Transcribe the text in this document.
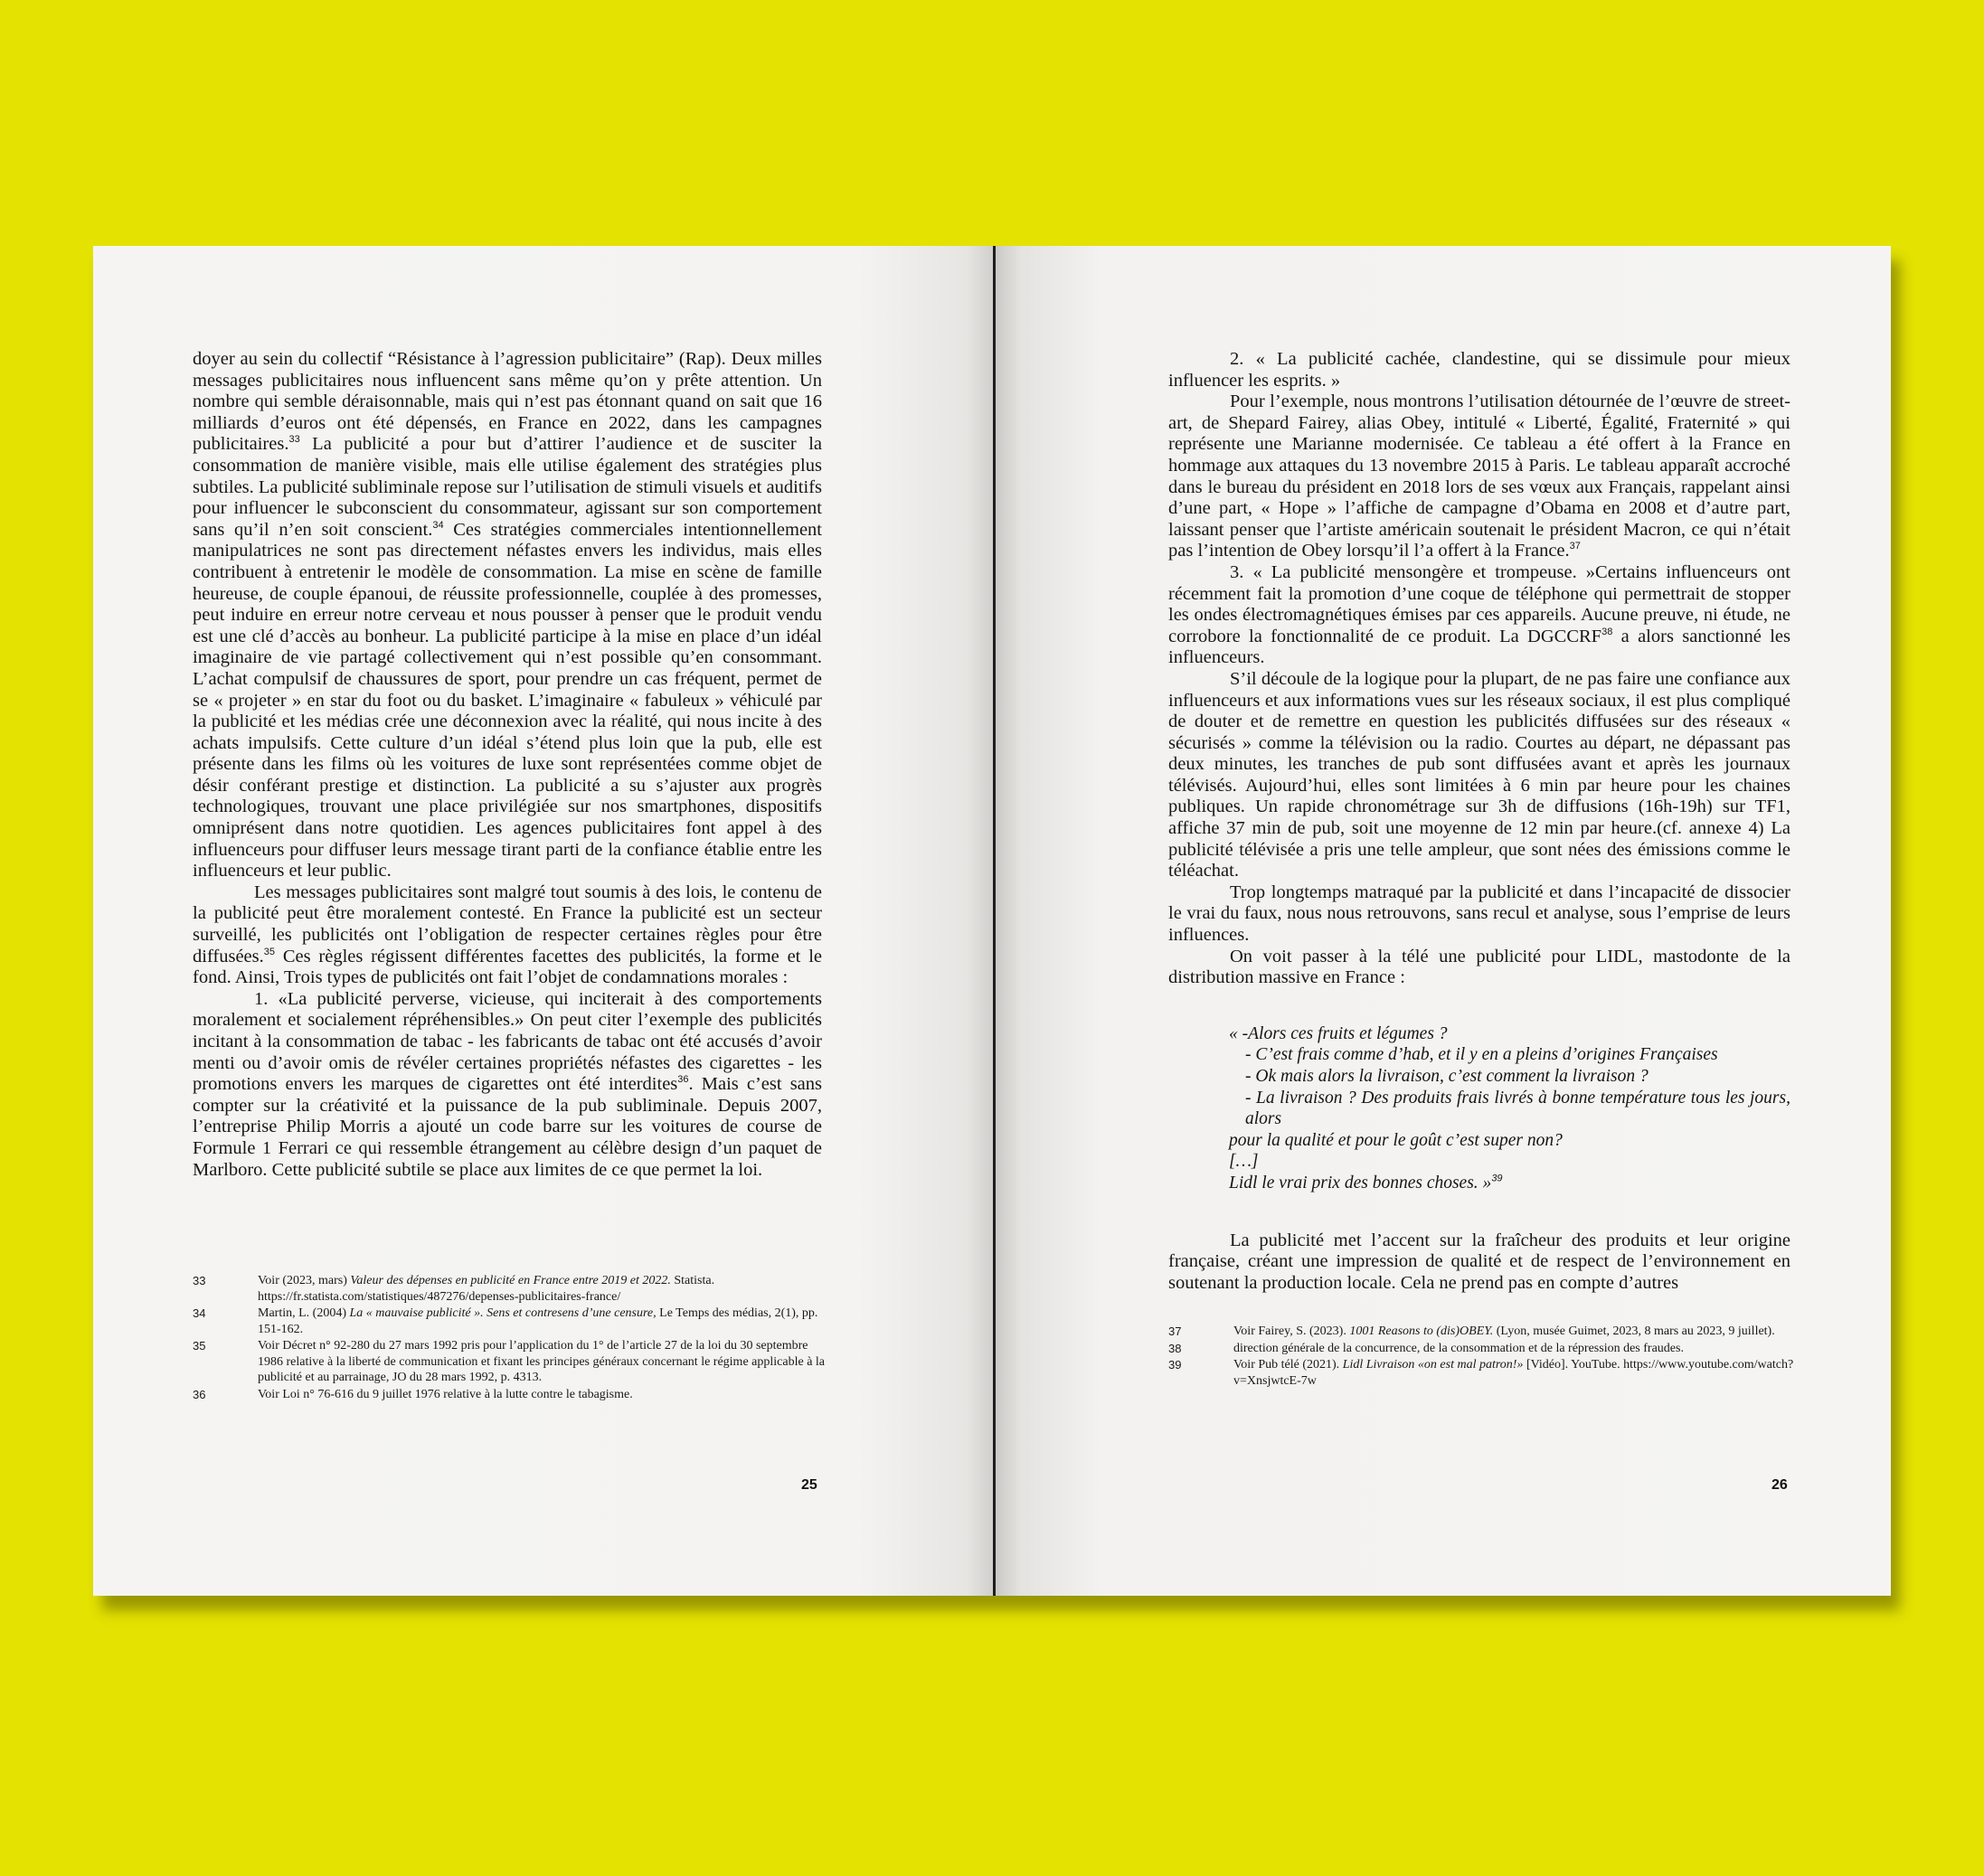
doyer au sein du collectif “Résistance à l’agression publicitaire” (Rap). Deux milles messages publicitaires nous influencent sans même qu’on y prête attention. Un nombre qui semble déraisonnable, mais qui n’est pas étonnant quand on sait que 16 milliards d’euros ont été dépensés, en France en 2022, dans les campagnes publicitaires.$^{33}$ La publicité a pour but d’attirer l’audience et de susciter la consommation de manière visible, mais elle utilise également des stratégies plus subtiles. La publicité subliminale repose sur l’utilisation de stimuli visuels et auditifs pour influencer le subconscient du consommateur, agissant sur son comportement sans qu’il n’en soit conscient.$^{34}$ Ces stratégies commerciales intentionnellement manipulatrices ne sont pas directement néfastes envers les individus, mais elles contribuent à entretenir le modèle de consommation. La mise en scène de famille heureuse, de couple épanoui, de réussite professionnelle, couplée à des promesses, peut induire en erreur notre cerveau et nous pousser à penser que le produit vendu est une clé d’accès au bonheur. La publicité participe à la mise en place d’un idéal imaginaire de vie partagé collectivement qui n’est possible qu’en consommant. L’achat compulsif de chaussures de sport, pour prendre un cas fréquent, permet de se « projeter » en star du foot ou du basket. L’imaginaire « fabuleux » véhiculé par la publicité et les médias crée une déconnexion avec la réalité, qui nous incite à des achats impulsifs. Cette culture d’un idéal s’étend plus loin que la pub, elle est présente dans les films où les voitures de luxe sont représentées comme objet de désir conférant prestige et distinction. La publicité a su s’ajuster aux progrès technologiques, trouvant une place privilégiée sur nos smartphones, dispositifs omniprésent dans notre quotidien. Les agences publicitaires font appel à des influenceurs pour diffuser leurs message tirant parti de la confiance établie entre les influenceurs et leur public.

Les messages publicitaires sont malgré tout soumis à des lois, le contenu de la publicité peut être moralement contesté. En France la publicité est un secteur surveillé, les publicités ont l’obligation de respecter certaines règles pour être diffusées.$^{35}$ Ces règles régissent différentes facettes des publicités, la forme et le fond. Ainsi, Trois types de publicités ont fait l’objet de condamnations morales :

1. «La publicité perverse, vicieuse, qui inciterait à des comportements moralement et socialement répréhensibles.» On peut citer l’exemple des publicités incitant à la consommation de tabac - les fabricants de tabac ont été accusés d’avoir menti ou d’avoir omis de révéler certaines propriétés néfastes des cigarettes - les promotions envers les marques de cigarettes ont été interdites$^{36}$. Mais c’est sans compter sur la créativité et la puissance de la pub subliminale. Depuis 2007, l’entreprise Philip Morris a ajouté un code barre sur les voitures de course de Formule 1 Ferrari ce qui ressemble étrangement au célèbre design d’un paquet de Marlboro. Cette publicité subtile se place aux limites de ce que permet la loi.

33	Voir (2023, mars) Valeur des dépenses en publicité en France entre 2019 et 2022. Statista. https://fr.statista.com/statistiques/487276/depenses-publicitaires-france/
34	Martin, L. (2004) La « mauvaise publicité ». Sens et contresens d’une censure, Le Temps des médias, 2(1), pp. 151-162.
35	Voir Décret n° 92-280 du 27 mars 1992 pris pour l’application du 1° de l’article 27 de la loi du 30 septembre 1986 relative à la liberté de communication et fixant les principes généraux concernant le régime applicable à la publicité et au parrainage, JO du 28 mars 1992, p. 4313.
36	Voir Loi n° 76-616 du 9 juillet 1976 relative à la lutte contre le tabagisme.
25

2. « La publicité cachée, clandestine, qui se dissimule pour mieux influencer les esprits. »

Pour l’exemple, nous montrons l’utilisation détournée de l’œuvre de street-art, de Shepard Fairey, alias Obey, intitulé « Liberté, Égalité, Fraternité » qui représente une Marianne modernisée. Ce tableau a été offert à la France en hommage aux attaques du 13 novembre 2015 à Paris. Le tableau apparaît accroché dans le bureau du président en 2018 lors de ses vœux aux Français, rappelant ainsi d’une part, « Hope » l’affiche de campagne d’Obama en 2008 et d’autre part, laissant penser que l’artiste américain soutenait le président Macron, ce qui n’était pas l’intention de Obey lorsqu’il l’a offert à la France.$^{37}$

3. « La publicité mensongère et trompeuse. »Certains influenceurs ont récemment fait la promotion d’une coque de téléphone qui permettrait de stopper les ondes électromagnétiques émises par ces appareils. Aucune preuve, ni étude, ne corrobore la fonctionnalité de ce produit. La DGCCRF$^{38}$ a alors sanctionné les influenceurs.

S’il découle de la logique pour la plupart, de ne pas faire une confiance aux influenceurs et aux informations vues sur les réseaux sociaux, il est plus compliqué de douter et de remettre en question les publicités diffusées sur des réseaux « sécurisés » comme la télévision ou la radio. Courtes au départ, ne dépassant pas deux minutes, les tranches de pub sont diffusées avant et après les journaux télévisés. Aujourd’hui, elles sont limitées à 6 min par heure pour les chaines publiques. Un rapide chronométrage sur 3h de diffusions (16h-19h) sur TF1, affiche 37 min de pub, soit une moyenne de 12 min par heure.(cf. annexe 4) La publicité télévisée a pris une telle ampleur, que sont nées des émissions comme le téléachat.

Trop longtemps matraqué par la publicité et dans l’incapacité de dissocier le vrai du faux, nous nous retrouvons, sans recul et analyse, sous l’emprise de leurs influences.

On voit passer à la télé une publicité pour LIDL, mastodonte de la distribution massive en France :

« -Alors ces fruits et légumes ?
- C’est frais comme d’hab, et il y en a pleins d’origines Françaises
- Ok mais alors la livraison, c’est comment la livraison ?
- La livraison ? Des produits frais livrés à bonne température tous les jours, alors
pour la qualité et pour le goût c’est super non?
[…]
Lidl le vrai prix des bonnes choses. »$^{39}$

La publicité met l’accent sur la fraîcheur des produits et leur origine française, créant une impression de qualité et de respect de l’environnement en soutenant la production locale. Cela ne prend pas en compte d’autres

37	Voir Fairey, S. (2023). 1001 Reasons to (dis)OBEY. (Lyon, musée Guimet, 2023, 8 mars au 2023, 9 juillet).
38	direction générale de la concurrence, de la consommation et de la répression des fraudes.
39	Voir Pub télé (2021). Lidl Livraison «on est mal patron!» [Vidéo]. YouTube. https://www.youtube.com/watch?v=XnsjwtcE-7w
26
